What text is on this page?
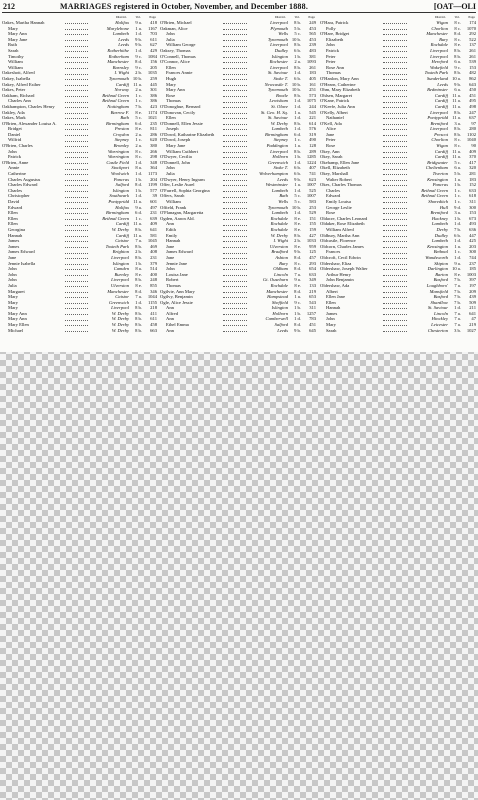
212	MARRIAGES registered in October, November, and December 1888.	[OAT—OLI
District.	Vol. Page
Oakes, Martha Hannah	Halifax	9 a.	418
Mary	Marylebone	1 a.	1167
Mary Ann	Lambeth	1 d.	703
Mary Jane	Leeds	9 b.	611
Ruth	Leeds	9 b.	627
Sarah	Rotherhithe	1 d.	429
Timothy	Rotherham	9 c.	1084
William	Manchester	8 d.	156
William	Barnsley	9 c.	205
Oakeshott, Alfred	I. Wight	2 b.	1035
Oakey, Isabella	Tynemouth 10 b.	259
Oakey, Alfred Esther	Cardiff 11 a.	445
Oakes, Peter	Norway	2 a.	301
Oakham, Richard	Bethnal Green	1 c.	386
Charles Ann	Bethnal Green	1 c.	386
Oakhampton, Charles Henry	Nottingham	7 b.	423
Oakley, Ada	Barrow F.	8 e.	1174
Oakes, Mark	Bath	5 c.	1021
O'Brien, Alexander Louisa A.	Birmingham	6 d.	235
Bridget	Preston	8 e.	811
Daniel	Croydon	2 a.	286
Wilfrid	Stepney	1 c.	620
O'Brien, Charles	Bromley	2 a.	380
John	Warrington	8 c.	266
Patrick	Warrington	8 c.	298
O'Brien, Anne	Castle Field	1 d.	348
Annie	Stockport	8 a.	364
Catherine	Woolwich	1 d.	1173
Charles Augustus	Pancras	1 b.	204
Charles Edward	Salford	8 d.	1199
Charles	Islington	1 b.	577
Christopher	Southwark	1 d.	39
David	Pontypridd 11 a.	601
Edward	Halifax	9 a.	497
Ellen	Birmingham	6 d.	231
Ellen	Bethnal Green	1 c.	639
Ellen	Cardiff 11 a.	409
Georgina	W. Derby	8 b.	641
Hannah	Cardiff 11 a.	581
James	Caistor	7 a.	1045
James	Toxteth Park	8 b.	469
James Edward	Brighton	2 b.	408
Jane	Liverpool	8 b.	231
Jennie Isabella	Islington	1 b.	379
John	Camden	8 a.	514
John	Burnley	8 e.	400
John	Liverpool	8 b.	248
Julia	Ulverston	8 e.	855
Margaret	Manchester	8 d.	346
Mary	Caistor	7 a.	1044
Mary	Greenwich	1 d.	1155
Mary	Liverpool	8 b.	218
Mary Ann	W. Derby	8 b.	411
Mary Ann	W. Derby	8 b.	611
Mary Ellen	W. Derby	8 b.	458
Michael	W. Derby	8 b.	663
District.	Vol. Page
O'Brien, Michael	Liverpool	8 b.	249
Oakman, Alice	Plymouth	5 b.	453
John	Wells	5 c.	565
Julia	Tynemouth 10 b.	453
William George	Liverpool	8 b.	239
Oaksey, Thomas	Dudley	6 b.	483
O'Connell, Thomas	Islington	1 b.	381
O'Connor, Alice	Rochester	2 a.	1093
Ellen	Liverpool	8 b.	261
Frances Annie	St. Saviour	1 d.	183
Hugh	Stoke T.	6 b.	405
Mary	Newcastle T. 10 b.	161
Mary Ann	Tynemouth 10 b.	251
Rose	Bootle	8 b.	573
Thomas	Lewisham	1 d.	1075
O'Donoghue, Bernard	St. Olave	1 d.	244
O'Donovan, Cecily	St. Geo. H. Sq.	1 a.	545
Ellen	St. Saviour	1 d.	221
O'Donnell, Ellen Jessie	W. Derby	8 b.	614
Joseph	Lambeth	1 d.	576
O'Dowd, Katharine Elizabeth	Birmingham	6 d.	319
O'Dowd, Joseph	Stepney	1 c.	490
Mary Jane	Paddington	1 a.	128
William Cuthbert	Liverpool	8 b.	289
O'Dwyer, Cecilia	Holborn	1 b.	1285
O'Donnell, John	Greenwich	1 d.	1224
John	Stoke T.	6 b.	407
Julia	Wolverhampton	6 b.	741
O'Dwyer, Henry Ingram	Leeds	9 b.	623
Offer, Leslie Aurel	Westminster	1 a.	1007
O'Farrell, Sophia Georgina	Lambeth	1 d.	525
Offers, Sarah	Bath	5 c.	1007
William	Wells	5 c.	583
Offield, Frank	Tynemouth 10 b.	253
O'Flanagan, Margaretta	Lambeth	1 d.	529
Ogden, Aaron Ald.	Rochdale	8 e.	151
Ann	Rochdale	8 e.	155
Edith	Rochdale	8 e.	159
Emily	W. Derby	8 b.	427
Hannah	I. Wight	2 b.	1033
Jane	Ulverston	8 e.	959
James Edward	Bradford	9 b.	125
Jane	Ashton	8 d.	457
Jennie Jane	Bury	8 c.	293
John	Oldham	8 d.	654
Louisa Jane	Lincoln	7 a.	633
Robert	Gt. Ouseburn	9 a.	349
Thomas	Rochdale	8 e.	133
Ogilvie, Ann Mary	Manchester	8 d.	219
Ogilvy, Benjamin	Hampstead	1 a.	653
Ogle, Alice Jessie	Sheffield	9 c.	543
Ann	Islington	1 b.	311
Alfred	Holborn	1 b.	1257
Ann	Camberwell	1 d.	783
Ethel Emma	Salford	8 d.	451
Ann	Leeds	9 b.	645
District.	Vol. Page
O'Hara, Patrick	Wigan	8 c.	174
Polly	Chorlton	8 c.	1070
O'Hare, Bridget	Manchester	8 d.	292
Elizabeth	Bury	8 c.	522
John	Rochdale	8 e.	137
Patrick	Liverpool	8 b.	261
Peter	Liverpool	8 b.	261
Peter	Hereford	6 a.	539
Rose Ann	Wakefield	9 c.	153
Thomas	Toxteth Park	8 b.	482
O'Hanlon, Mary Ann	Sunderland 10 a.	862
O'Hearn, Catherine	Leeds	9 b.	643
Ohm, Mary Elizabeth	Bedminster	6 a.	450
Ohlsen, Margaret	Cardiff 11 a.	451
O'Kane, Patrick	Cardiff 11 a.	495
O'Keefe, Julia Ann	Cardiff 11 a.	498
O'Kelly, Albert	Liverpool	8 b.	247
Nathaniel	Pontypridd 11 a.	637
O'Kell, Ada	Brentford	3 a.	97
Alice	Liverpool	8 b.	280
Jane	Prescot	8 b.	1102
Peter	Chorlton	8 c.	1040
Rose	Wigan	8 c.	90
Okey, Ann	Cardiff 11 a.	409
Okey, Sarah	Cardiff 11 a.	370
Okehamp, Ellen Jane	Bridgwater	5 c.	417
Okell, Elizabeth	Cheltenham	6 a.	320
Okey, Marshall	Tiverton	5 b.	281
Walter Robert	Kensington	1 a.	183
Okes, Charles Thomas	Pancras	1 b.	152
Charles	Bethnal Green	1 c.	633
Edward	Bethnal Green	1 c.	618
Emily Louisa	Shoreditch	1 c.	311
George Leslie	Hull	9 d.	300
Rose	Brentford	3 a.	153
Oldacre, Charles Leonard	Hackney	1 b.	673
Oldaker, Rose Elizabeth	Lambeth	1 d.	493
William Alfred	Derby	7 b.	636
Oldbury, Martha Ann	Dudley	6 b.	447
Oldcastle, Florence	Lambeth	1 d.	425
Oldcorn, Charles James	Kensington	1 a.	203
Frances	Bethnal	1 c.	300
Oldcroft, Cecil Edwin	Wandsworth	1 d.	744
Oldershaw, Eliza	Skipton	9 a.	237
Oldershaw, Joseph Walter	Darlington 10 a.	185
Arthur Henry	Barton	8 e.	1003
John Benjamin	Basford	7 b.	397
Oldershaw, Ada	Loughboro'	7 a.	197
Albert	Mansfield	7 b.	209
Ellen Jane	Basford	7 b.	439
Ellen	Shardlow	7 b.	509
Hannah	St. Saviour	1 d.	211
James	Lincoln	7 a.	641
John	Hinckley	7 a.	47
Mary	Leicester	7 a.	219
Sarah	Chesterton	3 b.	1027
